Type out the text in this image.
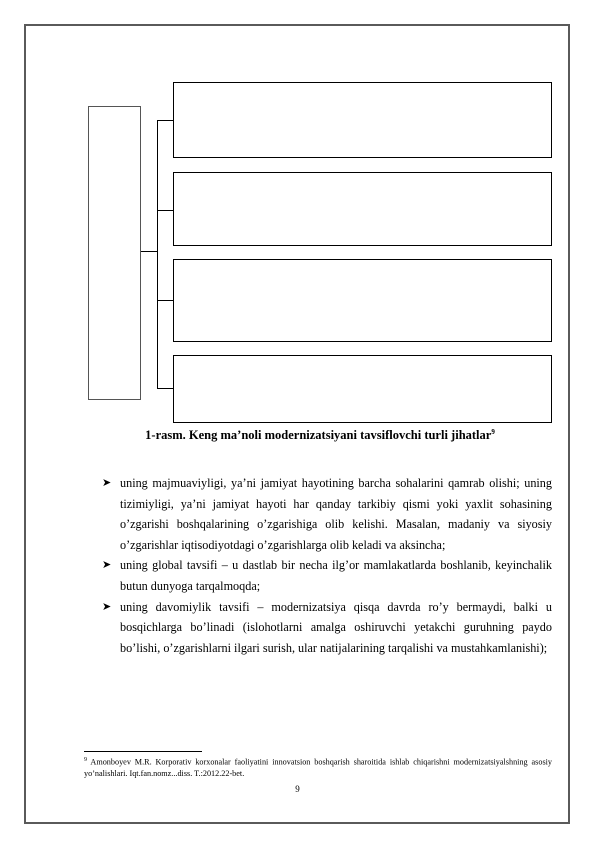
1-rasm. Keng ma’noli modernizatsiyani tavsiflovchi turli jihatlar$^9$
➤ uning majmuaviyligi, ya’ni jamiyat hayotining barcha sohalarini qamrab olishi; uning tizimiyligi, ya’ni jamiyat hayoti har qanday tarkibiy qismi yoki yaxlit sohasining o’zgarishi boshqalarining o’zgarishiga olib kelishi. Masalan, madaniy va siyosiy o’zgarishlar iqtisodiyotdagi o’zgarishlarga olib keladi va aksincha;
➤ uning global tavsifi – u dastlab bir necha ilg’or mamlakatlarda boshlanib, keyinchalik butun dunyoga tarqalmoqda;
➤ uning davomiylik tavsifi – modernizatsiya qisqa davrda ro’y bermaydi, balki u bosqichlarga bo’linadi (islohotlarni amalga oshiruvchi yetakchi guruhning paydo bo’lishi, o’zgarishlarni ilgari surish, ular natijalarining tarqalishi va mustahkamlanishi);
$^9$ Amonboyev M.R. Korporativ korxonalar faoliyatini innovatsion boshqarish sharoitida ishlab chiqarishni modernizatsiyalshning asosiy yo’nalishlari. Iqt.fan.nomz...diss. T.:2012.22-bet.
9
